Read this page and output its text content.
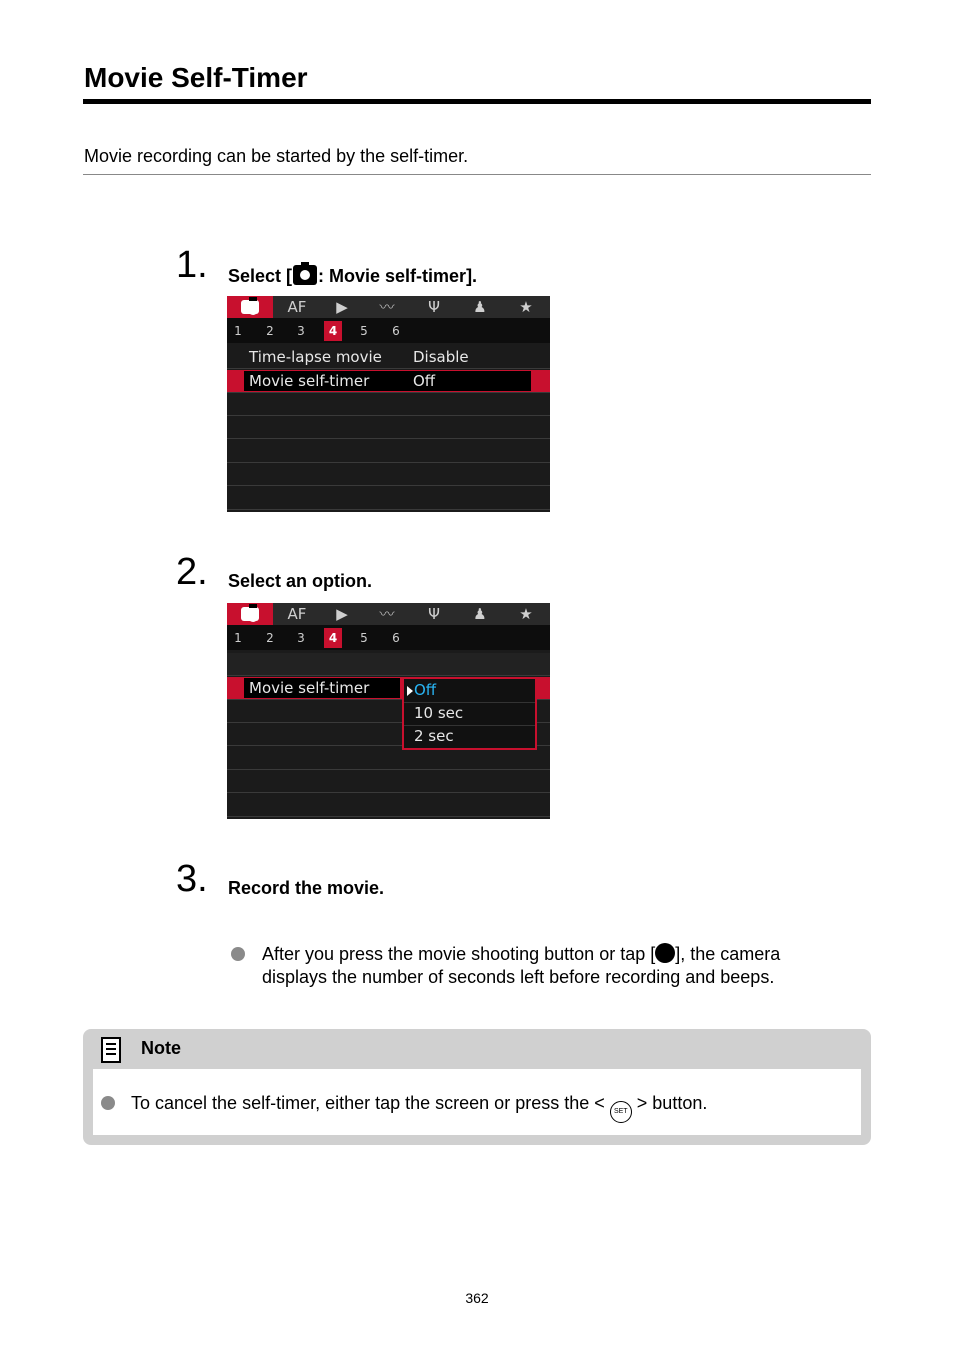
Movie Self-Timer
Movie recording can be started by the self-timer.
1. Select [ : Movie self-timer].
AF	▶	〰	Ψ	♟	★
1	2	3	4	5	6
Time-lapse movie Disable
Movie self-timer	Off
2. Select an option.
AF	▶	〰	Ψ	♟	★
1	2	3	4	5	6
Movie self-timer	Off
10 sec
2 sec
3. Record the movie.
After you press the movie shooting button or tap [ ], the camera
displays the number of seconds left before recording and beeps.
Note
To cancel the self-timer, either tap the screen or press the < SET > button.
362
